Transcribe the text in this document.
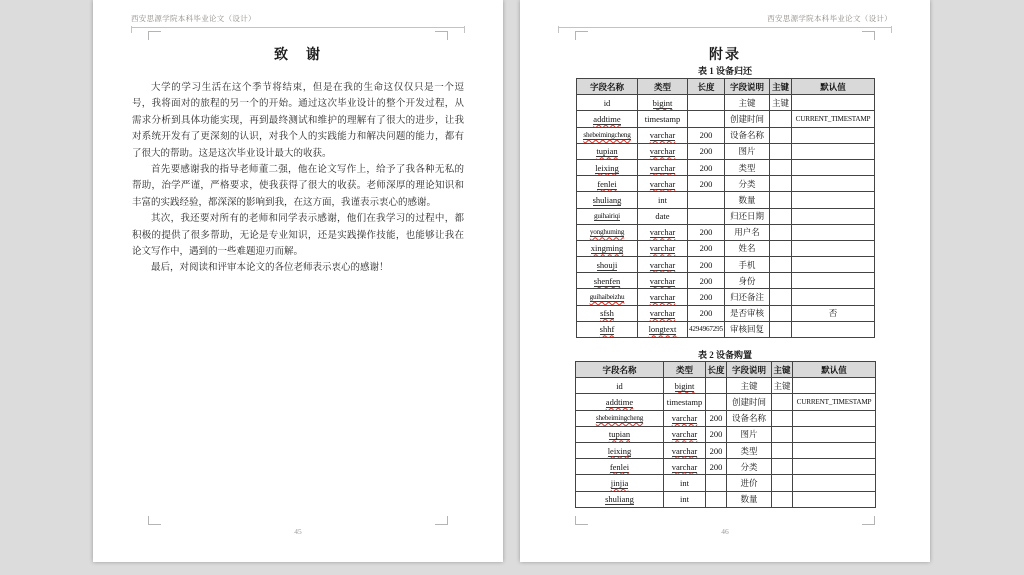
西安思源学院本科毕业论文（设计）
致　谢

大学的学习生活在这个季节将结束，但是在我的生命这仅仅只是一个逗号，我将面对的旅程的另一个的开始。通过这次毕业设计的整个开发过程，从需求分析到具体功能实现，再到最终测试和维护的理解有了很大的进步，让我对系统开发有了更深刻的认识，对我个人的实践能力和解决问题的能力，都有了很大的帮助。这是这次毕业设计最大的收获。

首先要感谢我的指导老师董二强，他在论文写作上，给予了我各种无私的帮助，治学严谨，严格要求，使我获得了很大的收获。老师深厚的理论知识和丰富的实践经验，都深深的影响到我，在这方面，我谨表示衷心的感谢。

其次，我还要对所有的老师和同学表示感谢，他们在我学习的过程中，都积极的提供了很多帮助，无论是专业知识，还是实践操作技能，也能够让我在论文写作中，遇到的一些难题迎刃而解。

最后，对阅读和评审本论文的各位老师表示衷心的感谢！

45
西安思源学院本科毕业论文（设计）
附录
表 1 设备归还
字段名称	类型	长度	字段说明	主键	默认值
id	bigint		主键	主键	
addtime	timestamp		创建时间		CURRENT_TIMESTAMP
shebeimingcheng	varchar	200	设备名称		
tupian	varchar	200	图片		
leixing	varchar	200	类型		
fenlei	varchar	200	分类		
shuliang	int		数量		
guihairiqi	date		归还日期		
yonghuming	varchar	200	用户名		
xingming	varchar	200	姓名		
shouji	varchar	200	手机		
shenfen	varchar	200	身份		
guihaibeizhu	varchar	200	归还备注		
sfsh	varchar	200	是否审核		否
shhf	longtext	4294967295	审核回复		
表 2 设备购置
字段名称	类型	长度	字段说明	主键	默认值
id	bigint		主键	主键	
addtime	timestamp		创建时间		CURRENT_TIMESTAMP
shebeimingcheng	varchar	200	设备名称		
tupian	varchar	200	图片		
leixing	varchar	200	类型		
fenlei	varchar	200	分类		
jinjia	int		进价		
shuliang	int		数量		
46
